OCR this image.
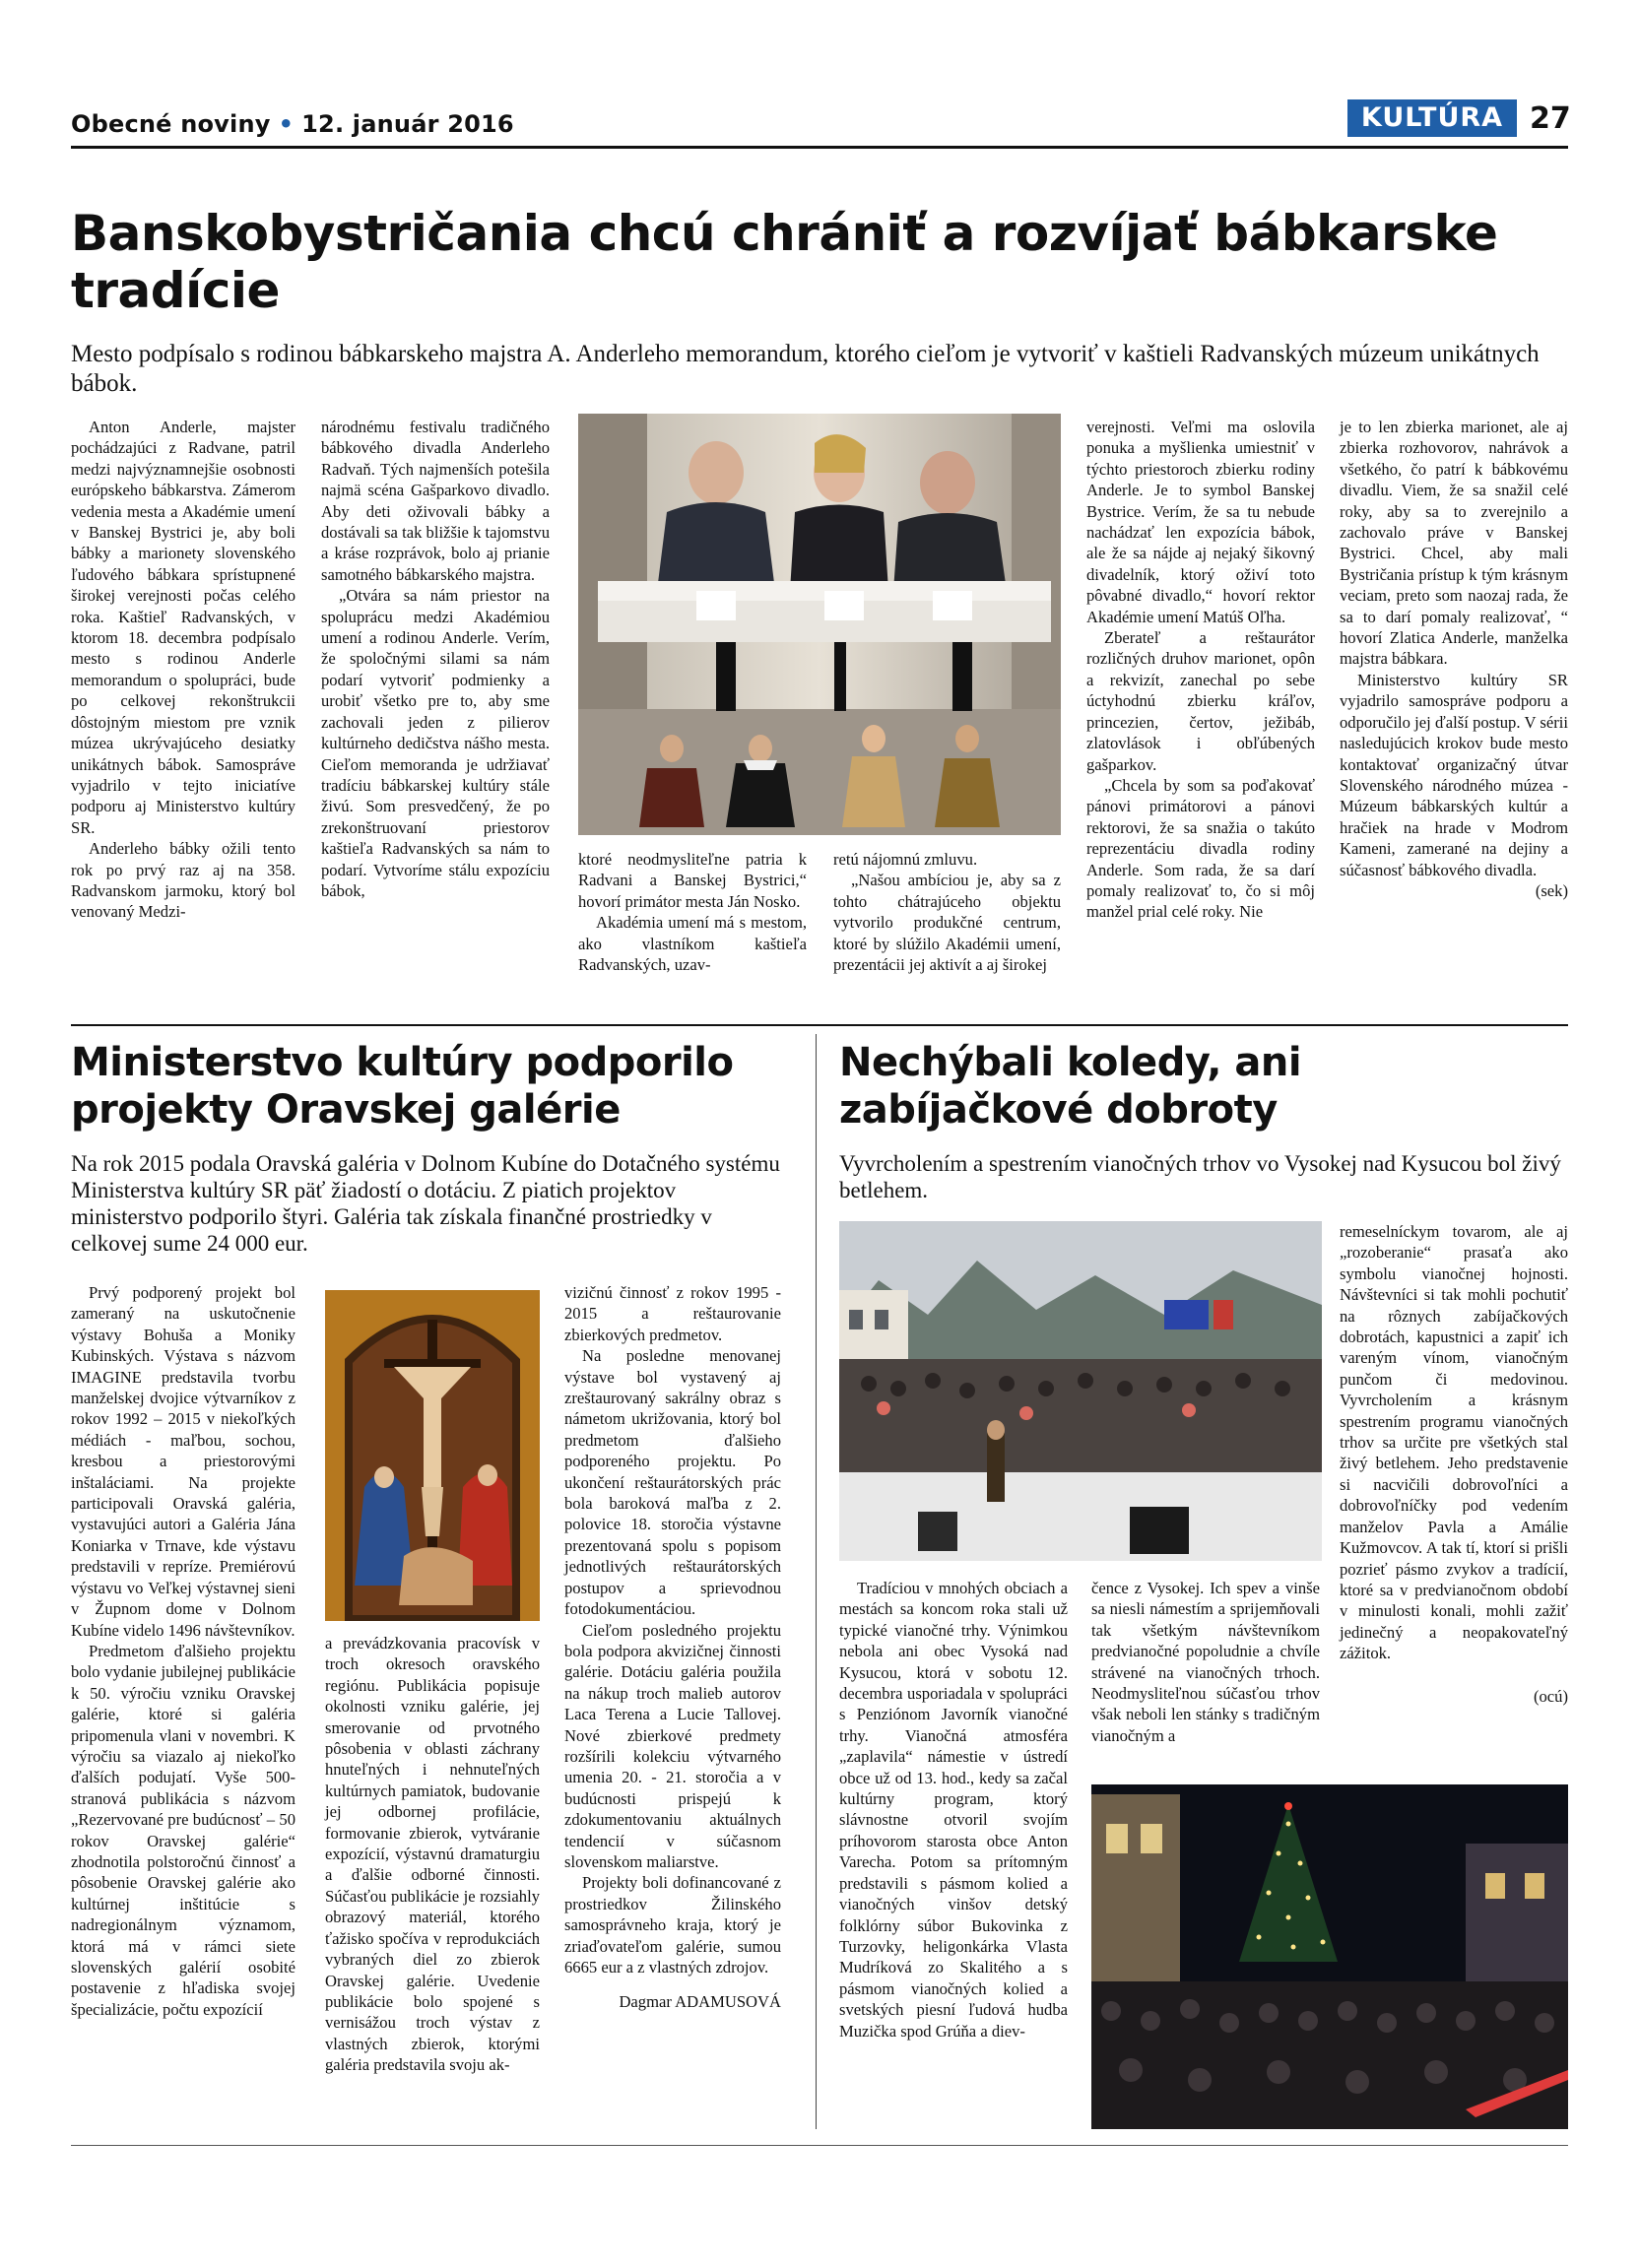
Obecné noviny • 12. január 2016	KULTÚRA 27
Banskobystričania chcú chrániť a rozvíjať bábkarske tradície
Mesto podpísalo s rodinou bábkarskeho majstra A. Anderleho memorandum, ktorého cieľom je vytvoriť v kaštieli Radvanských múzeum unikátnych bábok.

Anton Anderle, majster pochádzajúci z Radvane, patril medzi najvýznamnejšie osobnosti európskeho bábkarstva. Zámerom vedenia mesta a Akadémie umení v Banskej Bystrici je, aby boli bábky a marionety slovenského ľudového bábkara sprístupnené širokej verejnosti počas celého roka. Kaštieľ Radvanských, v ktorom 18. decembra podpísalo mesto s rodinou Anderle memorandum o spolupráci, bude po celkovej rekonštrukcii dôstojným miestom pre vznik múzea ukrývajúceho desiatky unikátnych bábok. Samospráve vyjadrilo v tejto iniciatíve podporu aj Ministerstvo kultúry SR.

Anderleho bábky ožili tento rok po prvý raz aj na 358. Radvanskom jarmoku, ktorý bol venovaný Medzi-

národnému festivalu tradičného bábkového divadla Anderleho Radvaň. Tých najmenších potešila najmä scéna Gašparkovo divadlo. Aby deti oživovali bábky a dostávali sa tak bližšie k tajomstvu a kráse rozprávok, bolo aj prianie samotného bábkarského majstra.

„Otvára sa nám priestor na spoluprácu medzi Akadémiou umení a rodinou Anderle. Verím, že spoločnými silami sa nám podarí vytvoriť podmienky a urobiť všetko pre to, aby sme zachovali jeden z pilierov kultúrneho dedičstva nášho mesta. Cieľom memoranda je udržiavať tradíciu bábkarskej kultúry stále živú. Som presvedčený, že po zrekonštruovaní priestorov kaštieľa Radvanských sa nám to podarí. Vytvoríme stálu expozíciu bábok,

ktoré neodmysliteľne patria k Radvani a Banskej Bystrici,“ hovorí primátor mesta Ján Nosko.

Akadémia umení má s mestom, ako vlastníkom kaštieľa Radvanských, uzav-

retú nájomnú zmluvu.

„Našou ambíciou je, aby sa z tohto chátrajúceho objektu vytvorilo produkčné centrum, ktoré by slúžilo Akadémii umení, prezentácii jej aktivít a aj širokej

verejnosti. Veľmi ma oslovila ponuka a myšlienka umiestniť v týchto priestoroch zbierku rodiny Anderle. Je to symbol Banskej Bystrice. Verím, že sa tu nebude nachádzať len expozícia bábok, ale že sa nájde aj nejaký šikovný divadelník, ktorý oživí toto pôvabné divadlo,“ hovorí rektor Akadémie umení Matúš Oľha.

Zberateľ a reštaurátor rozličných druhov marionet, opôn a rekvizít, zanechal po sebe úctyhodnú zbierku kráľov, princezien, čertov, ježibáb, zlatovlások i obľúbených gašparkov.

„Chcela by som sa poďakovať pánovi primátorovi a pánovi rektorovi, že sa snažia o takúto reprezentáciu divadla rodiny Anderle. Som rada, že sa darí pomaly realizovať to, čo si môj manžel prial celé roky. Nie

je to len zbierka marionet, ale aj zbierka rozhovorov, nahrávok a všetkého, čo patrí k bábkovému divadlu. Viem, že sa snažil celé roky, aby sa to zverejnilo a zachovalo práve v Banskej Bystrici. Chcel, aby mali Bystričania prístup k tým krásnym veciam, preto som naozaj rada, že sa to darí pomaly realizovať, “ hovorí Zlatica Anderle, manželka majstra bábkara.

Ministerstvo kultúry SR vyjadrilo samospráve podporu a odporučilo jej ďalší postup. V sérii nasledujúcich krokov bude mesto kontaktovať organizačný útvar Slovenského národného múzea - Múzeum bábkarských kultúr a hračiek na hrade v Modrom Kameni, zamerané na dejiny a súčasnosť bábkového divadla.

(sek)

Ministerstvo kultúry podporilo projekty Oravskej galérie
Na rok 2015 podala Oravská galéria v Dolnom Kubíne do Dotačného systému Ministerstva kultúry SR päť žiadostí o dotáciu. Z piatich projektov ministerstvo podporilo štyri. Galéria tak získala finančné prostriedky v celkovej sume 24 000 eur.

Prvý podporený projekt bol zameraný na uskutočnenie výstavy Bohuša a Moniky Kubinských. Výstava s názvom IMAGINE predstavila tvorbu manželskej dvojice výtvarníkov z rokov 1992 – 2015 v niekoľkých médiách - maľbou, sochou, kresbou a priestorovými inštaláciami. Na projekte participovali Oravská galéria, vystavujúci autori a Galéria Jána Koniarka v Trnave, kde výstavu predstavili v repríze. Premiérovú výstavu vo Veľkej výstavnej sieni v Župnom dome v Dolnom Kubíne videlo 1496 návštevníkov.

Predmetom ďalšieho projektu bolo vydanie jubilejnej publikácie k 50. výročiu vzniku Oravskej galérie, ktoré si galéria pripomenula vlani v novembri. K výročiu sa viazalo aj niekoľko ďalších podujatí. Vyše 500-stranová publikácia s názvom „Rezervované pre budúcnosť – 50 rokov Oravskej galérie“ zhodnotila polstoročnú činnosť a pôsobenie Oravskej galérie ako kultúrnej inštitúcie s nadregionálnym významom, ktorá má v rámci siete slovenských galérií osobité postavenie z hľadiska svojej špecializácie, počtu expozícií

a prevádzkovania pracovísk v troch okresoch oravského regiónu. Publikácia popisuje okolnosti vzniku galérie, jej smerovanie od prvotného pôsobenia v oblasti záchrany hnuteľných i nehnuteľných kultúrnych pamiatok, budovanie jej odbornej profilácie, formovanie zbierok, vytváranie expozícií, výstavnú dramaturgiu a ďalšie odborné činnosti. Súčasťou publikácie je rozsiahly obrazový materiál, ktorého ťažisko spočíva v reprodukciách vybraných diel zo zbierok Oravskej galérie. Uvedenie publikácie bolo spojené s vernisážou troch výstav z vlastných zbierok, ktorými galéria predstavila svoju ak-

vizičnú činnosť z rokov 1995 - 2015 a reštaurovanie zbierkových predmetov.

Na posledne menovanej výstave bol vystavený aj zreštaurovaný sakrálny obraz s námetom ukrižovania, ktorý bol predmetom ďalšieho podporeného projektu. Po ukončení reštaurátorských prác bola baroková maľba z 2. polovice 18. storočia výstavne prezentovaná spolu s popisom jednotlivých reštaurátorských postupov a sprievodnou fotodokumentáciou.

Cieľom posledného projektu bola podpora akvizičnej činnosti galérie. Dotáciu galéria použila na nákup troch malieb autorov Laca Terena a Lucie Tallovej. Nové zbierkové predmety rozšírili kolekciu výtvarného umenia 20. - 21. storočia a v budúcnosti prispejú k zdokumentovaniu aktuálnych tendencií v súčasnom slovenskom maliarstve.

Projekty boli dofinancované z prostriedkov Žilinského samosprávneho kraja, ktorý je zriaďovateľom galérie, sumou 6665 eur a z vlastných zdrojov.

Dagmar ADAMUSOVÁ

Nechýbali koledy, ani zabíjačkové dobroty
Vyvrcholením a spestrením vianočných trhov vo Vysokej nad Kysucou bol živý betlehem.

remeselníckym tovarom, ale aj „rozoberanie“ prasaťa ako symbolu vianočnej hojnosti. Návštevníci si tak mohli pochutiť na rôznych zabíjačkových dobrotách, kapustnici a zapiť ich vareným vínom, vianočným punčom či medovinou. Vyvrcholením a krásnym spestrením programu vianočných trhov sa určite pre všetkých stal živý betlehem. Jeho predstavenie si nacvičili dobrovoľníci a dobrovoľníčky pod vedením manželov Pavla a Amálie Kužmovcov. A tak tí, ktorí si prišli pozrieť pásmo zvykov a tradícií, ktoré sa v predvianočnom období v minulosti konali, mohli zažiť jedinečný a neopakovateľný zážitok.

(ocú)

Tradíciou v mnohých obciach a mestách sa koncom roka stali už typické vianočné trhy. Výnimkou nebola ani obec Vysoká nad Kysucou, ktorá v sobotu 12. decembra usporiadala v spolupráci s Penziónom Javorník vianočné trhy. Vianočná atmosféra „zaplavila“ námestie v ústredí obce už od 13. hod., kedy sa začal kultúrny program, ktorý slávnostne otvoril svojím príhovorom starosta obce Anton Varecha. Potom sa prítomným predstavili s pásmom kolied a vianočných vinšov detský folklórny súbor Bukovinka z Turzovky, heligonkárka Vlasta Mudríková zo Skalitého a s pásmom vianočných kolied a svetských piesní ľudová hudba Muzička spod Grúňa a diev-

čence z Vysokej. Ich spev a vinše sa niesli námestím a sprijemňovali tak všetkým návštevníkom predvianočné popoludnie a chvíle strávené na vianočných trhoch. Neodmysliteľnou súčasťou trhov však neboli len stánky s tradičným vianočným a
